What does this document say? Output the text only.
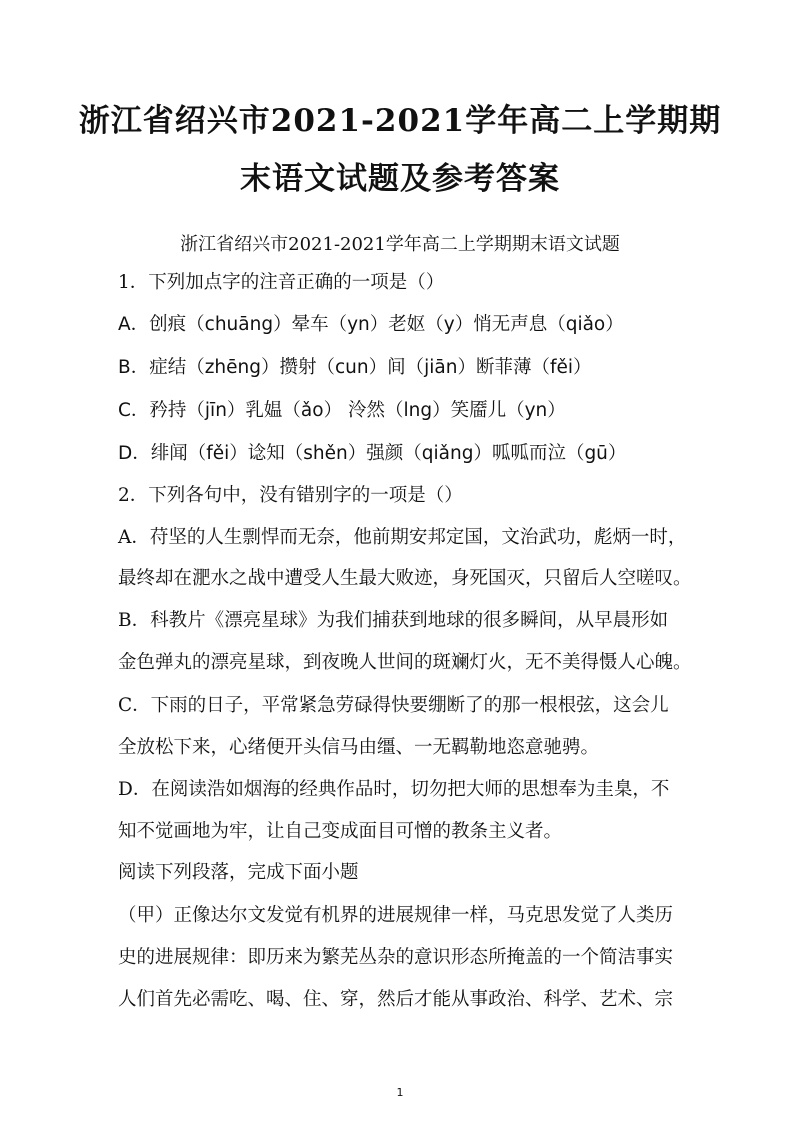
浙江省绍兴市2021-2021学年高二上学期期
末语文试题及参考答案
浙江省绍兴市2021-2021学年高二上学期期末语文试题
1．下列加点字的注音正确的一项是（）
A．创痕（chuāng）晕车（yn）老妪（y）悄无声息（qiǎo）
B．症结（zhēng）攒射（cun）间（jiān）断菲薄（fěi）
C．矜持（jīn）乳媪（ǎo） 泠然（lng）笑靥儿（yn）
D．绯闻（fěi）谂知（shěn）强颜（qiǎng）呱呱而泣（gū）
2．下列各句中，没有错别字的一项是（）
A．苻坚的人生剽悍而无奈，他前期安邦定国，文治武功，彪炳一时，
最终却在淝水之战中遭受人生最大败迹，身死国灭，只留后人空嗟叹。
B．科教片《漂亮星球》为我们捕获到地球的很多瞬间，从早晨形如
金色弹丸的漂亮星球，到夜晚人世间的斑斓灯火，无不美得慑人心魄。
C．下雨的日子，平常紧急劳碌得快要绷断了的那一根根弦，这会儿
全放松下来，心绪便开头信马由缰、一无羁勒地恣意驰骋。
D．在阅读浩如烟海的经典作品时，切勿把大师的思想奉为圭臬，不
知不觉画地为牢，让自己变成面目可憎的教条主义者。
阅读下列段落，完成下面小题
（甲）正像达尔文发觉有机界的进展规律一样，马克思发觉了人类历
史的进展规律：即历来为繁芜丛杂的意识形态所掩盖的一个简洁事实
人们首先必需吃、喝、住、穿，然后才能从事政治、科学、艺术、宗
1
